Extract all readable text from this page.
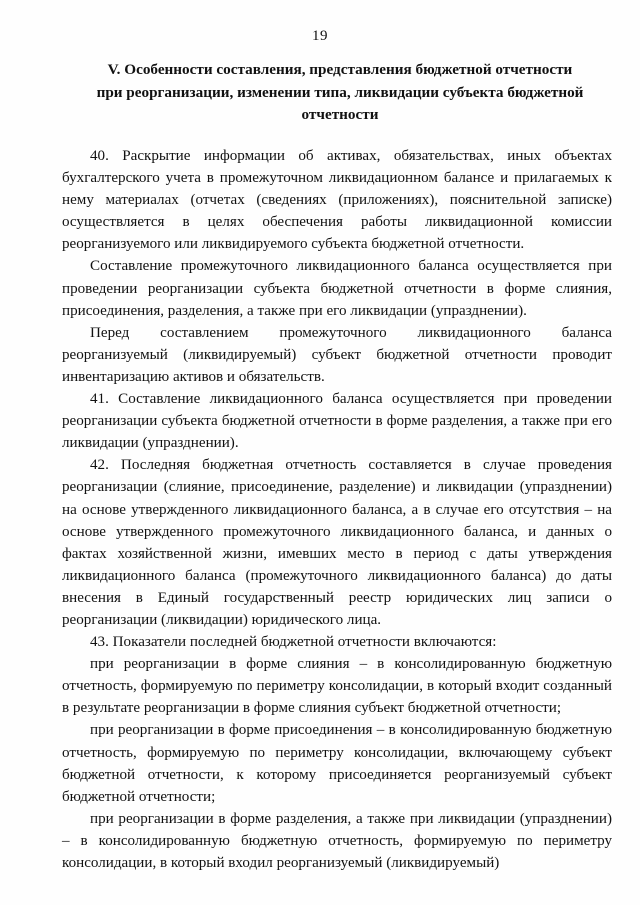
19
V. Особенности составления, представления бюджетной отчетности
при реорганизации, изменении типа, ликвидации субъекта бюджетной
отчетности

40. Раскрытие информации об активах, обязательствах, иных объектах бухгалтерского учета в промежуточном ликвидационном балансе и прилагаемых к нему материалах (отчетах (сведениях (приложениях), пояснительной записке) осуществляется в целях обеспечения работы ликвидационной комиссии реорганизуемого или ликвидируемого субъекта бюджетной отчетности.

Составление промежуточного ликвидационного баланса осуществляется при проведении реорганизации субъекта бюджетной отчетности в форме слияния, присоединения, разделения, а также при его ликвидации (упразднении).

Перед составлением промежуточного ликвидационного баланса реорганизуемый (ликвидируемый) субъект бюджетной отчетности проводит инвентаризацию активов и обязательств.

41. Составление ликвидационного баланса осуществляется при проведении реорганизации субъекта бюджетной отчетности в форме разделения, а также при его ликвидации (упразднении).

42. Последняя бюджетная отчетность составляется в случае проведения реорганизации (слияние, присоединение, разделение) и ликвидации (упразднении) на основе утвержденного ликвидационного баланса, а в случае его отсутствия – на основе утвержденного промежуточного ликвидационного баланса, и данных о фактах хозяйственной жизни, имевших место в период с даты утверждения ликвидационного баланса (промежуточного ликвидационного баланса) до даты внесения в Единый государственный реестр юридических лиц записи о реорганизации (ликвидации) юридического лица.

43. Показатели последней бюджетной отчетности включаются:

при реорганизации в форме слияния – в консолидированную бюджетную отчетность, формируемую по периметру консолидации, в который входит созданный в результате реорганизации в форме слияния субъект бюджетной отчетности;

при реорганизации в форме присоединения – в консолидированную бюджетную отчетность, формируемую по периметру консолидации, включающему субъект бюджетной отчетности, к которому присоединяется реорганизуемый субъект бюджетной отчетности;

при реорганизации в форме разделения, а также при ликвидации (упразднении) – в консолидированную бюджетную отчетность, формируемую по периметру консолидации, в который входил реорганизуемый (ликвидируемый)
